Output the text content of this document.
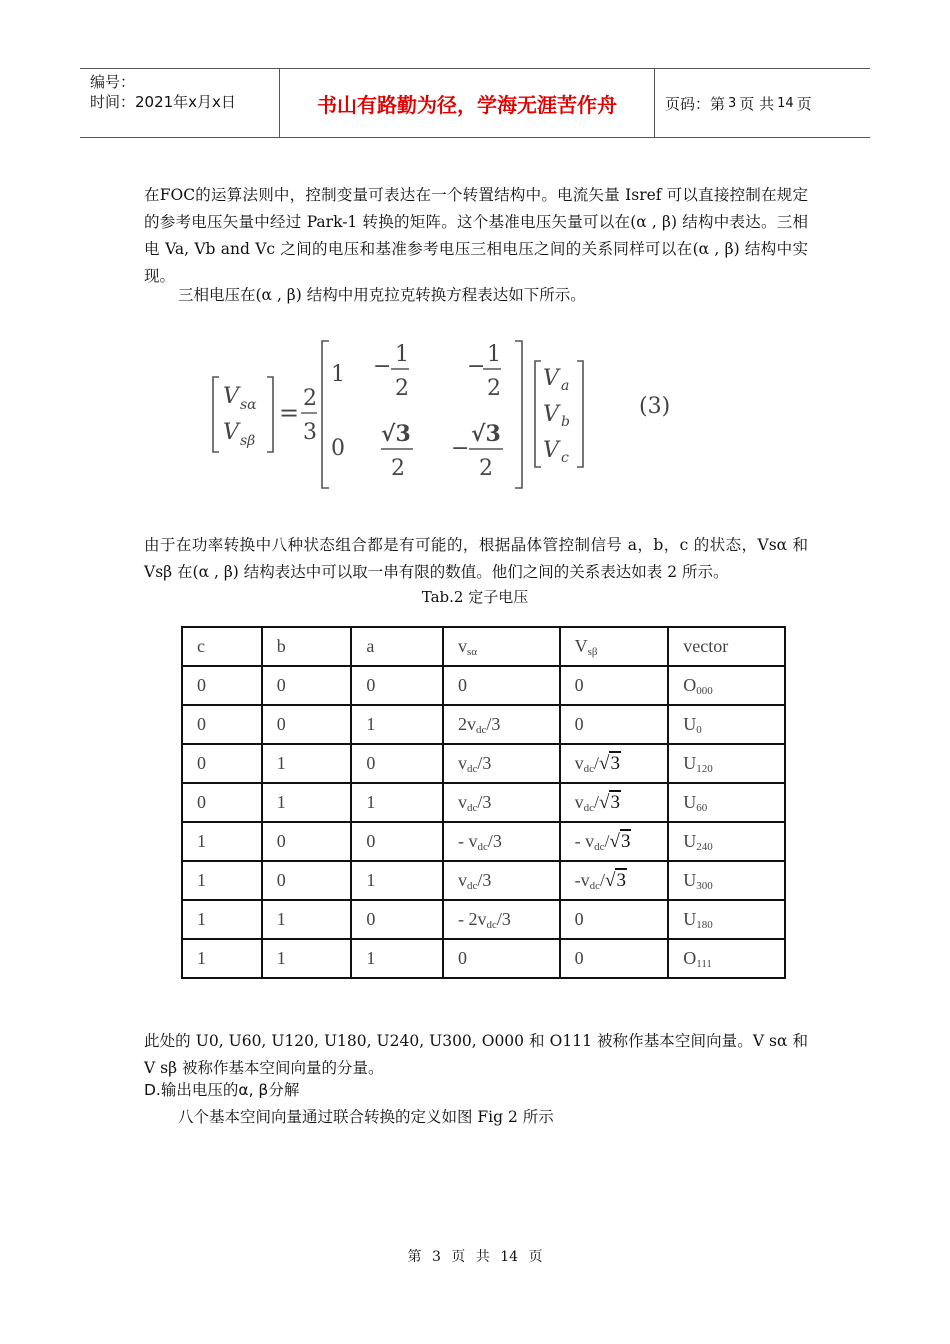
编号：
时间：2021年x月x日	书山有路勤为径，学海无涯苦作舟	页码：第 3 页 共 14 页
在FOC的运算法则中，控制变量可表达在一个转置结构中。电流矢量 Isref 可以直接控制在规定的参考电压矢量中经过 Park-1 转换的矩阵。这个基准电压矢量可以在(α , β) 结构中表达。三相电 Va, Vb and Vc 之间的电压和基准参考电压三相电压之间的关系同样可以在(α , β) 结构中实现。
三相电压在(α , β) 结构中用克拉克转换方程表达如下所示。
V sα
V sβ
=
2
3
1 − 1
2
− 1
2
0
√3
2
−
√3
2
V a
V b
V c
(3)
由于在功率转换中八种状态组合都是有可能的，根据晶体管控制信号 a，b，c 的状态，Vsα 和 Vsβ 在(α , β) 结构表达中可以取一串有限的数值。他们之间的关系表达如表 2 所示。
Tab.2 定子电压
c	b	a	$v_{s\alpha}$	$V_{s\beta}$	vector
0	0	0	0	0	$O_{000}$
0	0	1	$2v_{dc}/3$	0	$U_0$
0	1	0	$v_{dc}/3$	$v_{dc}/√3$	$U_{120}$
0	1	1	$v_{dc}/3$	$v_{dc}/√3$	$U_{60}$
1	0	0	- $v_{dc}/3$	- $v_{dc}/√3$	$U_{240}$
1	0	1	$v_{dc}/3$	$-v_{dc}/√3$	$U_{300}$
1	1	0	- $2v_{dc}/3$	0	$U_{180}$
1	1	1	0	0	$O_{111}$
此处的 U0, U60, U120, U180, U240, U300, O000 和 O111 被称作基本空间向量。V sα 和 V sβ 被称作基本空间向量的分量。
D.输出电压的α, β分解
八个基本空间向量通过联合转换的定义如图 Fig 2 所示
第 3 页 共 14 页
